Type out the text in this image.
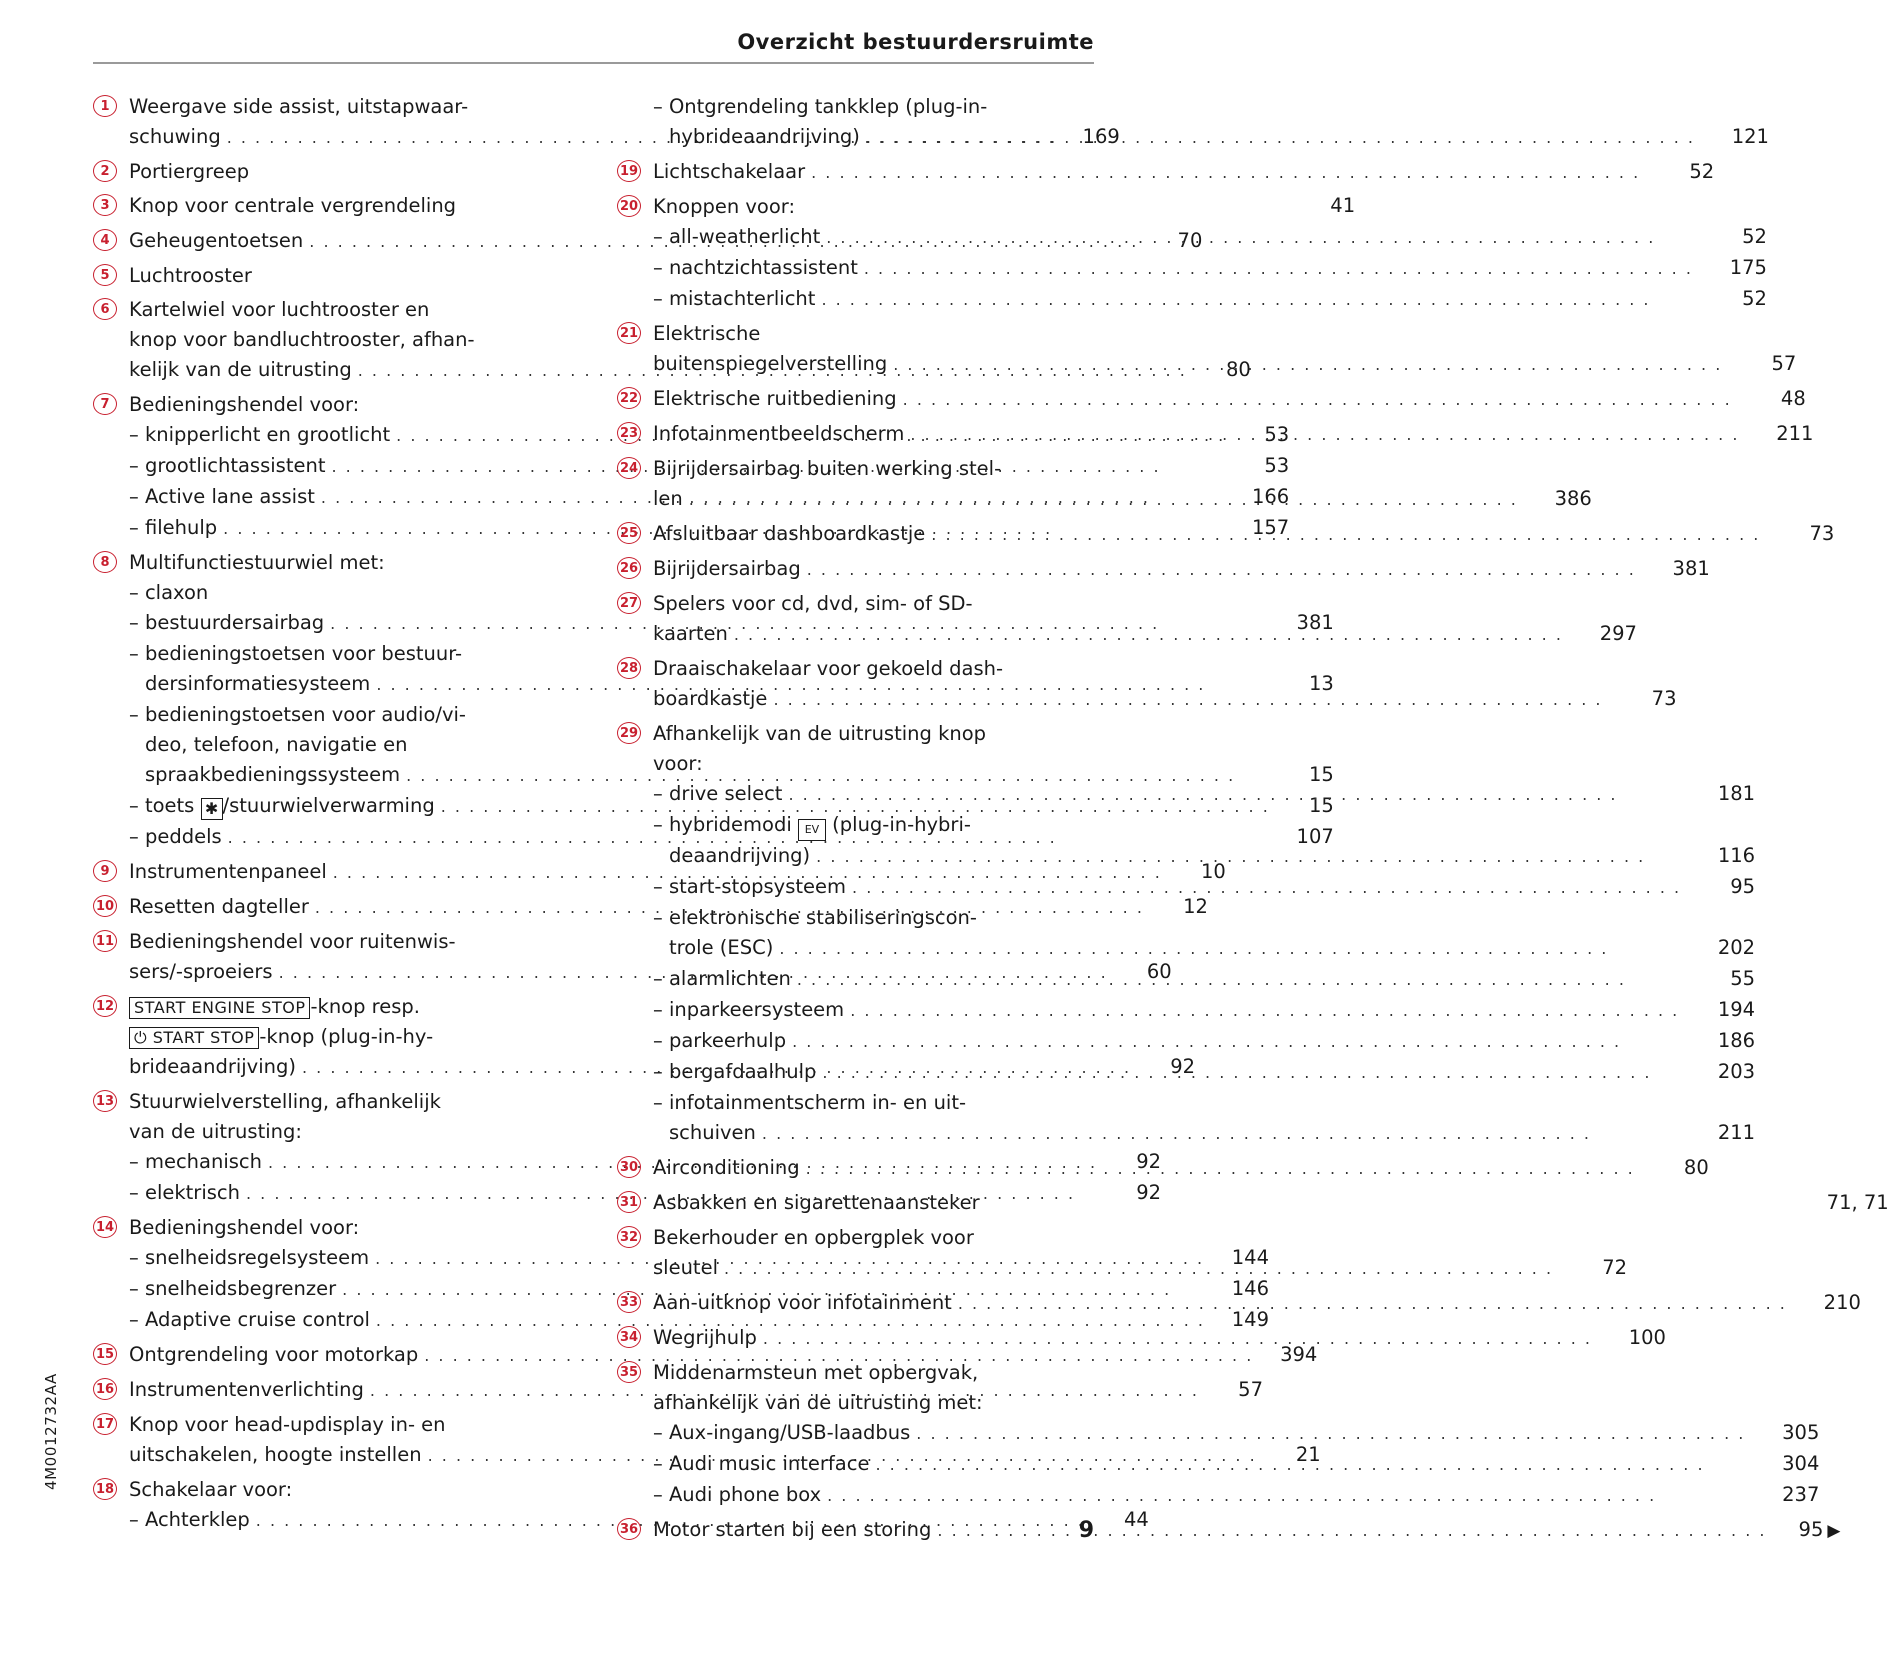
Overzicht bestuurdersruimte
1 Weergave side assist, uitstapwaar-
schuwing . . .	169
2 Portiergreep
3 Knop voor centrale vergrendeling	41
4 Geheugentoetsen . . .	70
5 Luchtrooster
6 Kartelwiel voor luchtrooster en
knop voor bandluchtrooster, afhan-
kelijk van de uitrusting . . .	80
7 Bedieningshendel voor:
– knipperlicht en grootlicht . . .	53
– grootlichtassistent . . .	53
– Active lane assist . . .	166
– filehulp . . .	157
8 Multifunctiestuurwiel met:
– claxon
– bestuurdersairbag . . .	381
– bedieningstoetsen voor bestuur-
dersinformatiesysteem . . .	13
– bedieningstoetsen voor audio/vi-
deo, telefoon, navigatie en
spraakbedieningssysteem . . .	15
– toets ✱ /stuurwielverwarming . . .	15
– peddels . . .	107
9 Instrumentenpaneel . . .	10
10 Resetten dagteller . . .	12
11 Bedieningshendel voor ruitenwis-
sers/-sproeiers . . .	60
12	START ENGINE STOP -knop resp.
⏻ START STOP -knop (plug-in-hy-
brideaandrijving) . . .	92
13 Stuurwielverstelling, afhankelijk
van de uitrusting:
– mechanisch . . .	92
– elektrisch . . .	92
14 Bedieningshendel voor:
– snelheidsregelsysteem . . .	144
– snelheidsbegrenzer . . .	146
– Adaptive cruise control . . .	149
15 Ontgrendeling voor motorkap . . .	394
16 Instrumentenverlichting . . .	57
17 Knop voor head-updisplay in- en
uitschakelen, hoogte instellen . . .	21
18 Schakelaar voor:
– Achterklep . . .	44
– Ontgrendeling tankklep (plug-in-
hybrideaandrijving) . . .	121
19 Lichtschakelaar . . .	52
20 Knoppen voor:
– all-weatherlicht . . .	52
– nachtzichtassistent . . .	175
– mistachterlicht . . .	52
21 Elektrische
buitenspiegelverstelling . . .	57
22 Elektrische ruitbediening . . .	48
23 Infotainmentbeeldscherm . . .	211
24 Bijrijdersairbag buiten werking stel-
len . . .	386
25 Afsluitbaar dashboardkastje . . .	73
26 Bijrijdersairbag . . .	381
27 Spelers voor cd, dvd, sim- of SD-
kaarten . . .	297
28 Draaischakelaar voor gekoeld dash-
boardkastje . . .	73
29 Afhankelijk van de uitrusting knop
voor:
– drive select . . .	181
– hybridemodi EV (plug-in-hybri-
deaandrijving) . . .	116
– start-stopsysteem . . .	95
– elektronische stabiliseringscon-
trole (ESC) . . .	202
– alarmlichten . . .	55
– inparkeersysteem . . .	194
– parkeerhulp . . .	186
– bergafdaalhulp . . .	203
– infotainmentscherm in- en uit-
schuiven . . .	211
30 Airconditioning . . .	80
31 Asbakken en sigarettenaansteker	71, 71
32 Bekerhouder en opbergplek voor
sleutel . . .	72
33 Aan-uitknop voor infotainment . . .	210
34 Wegrijhulp . . .	100
35 Middenarmsteun met opbergvak,
afhankelijk van de uitrusting met:
– Aux-ingang/USB-laadbus . . .	305
– Audi music interface . . .	304
– Audi phone box . . .	237
36 Motor starten bij een storing . . .	95 ▶
4M0012732AA
9
